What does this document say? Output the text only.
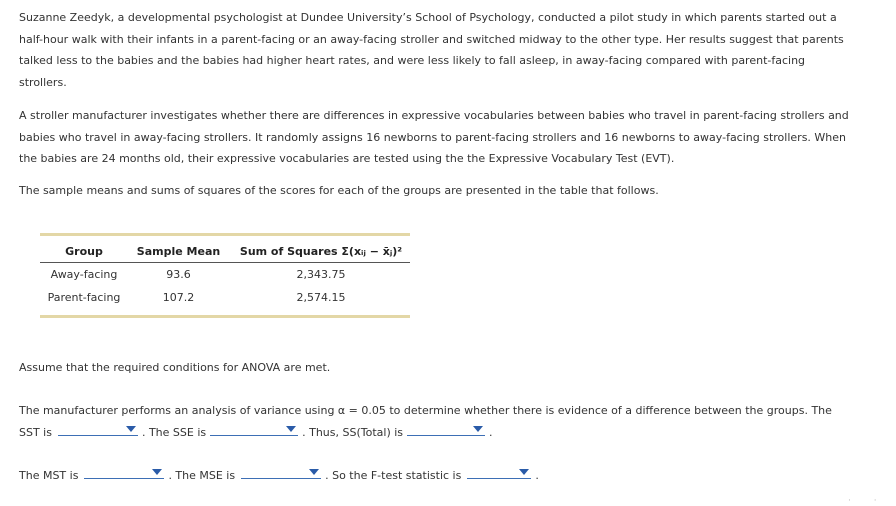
Suzanne Zeedyk, a developmental psychologist at Dundee University’s School of Psychology, conducted a pilot study in which parents started out a half-hour walk with their infants in a parent-facing or an away-facing stroller and switched midway to the other type. Her results suggest that parents talked less to the babies and the babies had higher heart rates, and were less likely to fall asleep, in away-facing compared with parent-facing strollers.

A stroller manufacturer investigates whether there are differences in expressive vocabularies between babies who travel in parent-facing strollers and babies who travel in away-facing strollers. It randomly assigns 16 newborns to parent-facing strollers and 16 newborns to away-facing strollers. When the babies are 24 months old, their expressive vocabularies are tested using the the Expressive Vocabulary Test (EVT).

The sample means and sums of squares of the scores for each of the groups are presented in the table that follows.

Group	Sample Mean	Sum of Squares Σ(xᵢⱼ − x̄ⱼ)²
Away-facing	93.6	2,343.75
Parent-facing	107.2	2,574.15

Assume that the required conditions for ANOVA are met.

The manufacturer performs an analysis of variance using α = 0.05 to determine whether there is evidence of a difference between the groups. The SST is	. The SSE is	. Thus, SS(Total) is	.

The MST is	. The MSE is	. So the F-test statistic is	.

· ·
